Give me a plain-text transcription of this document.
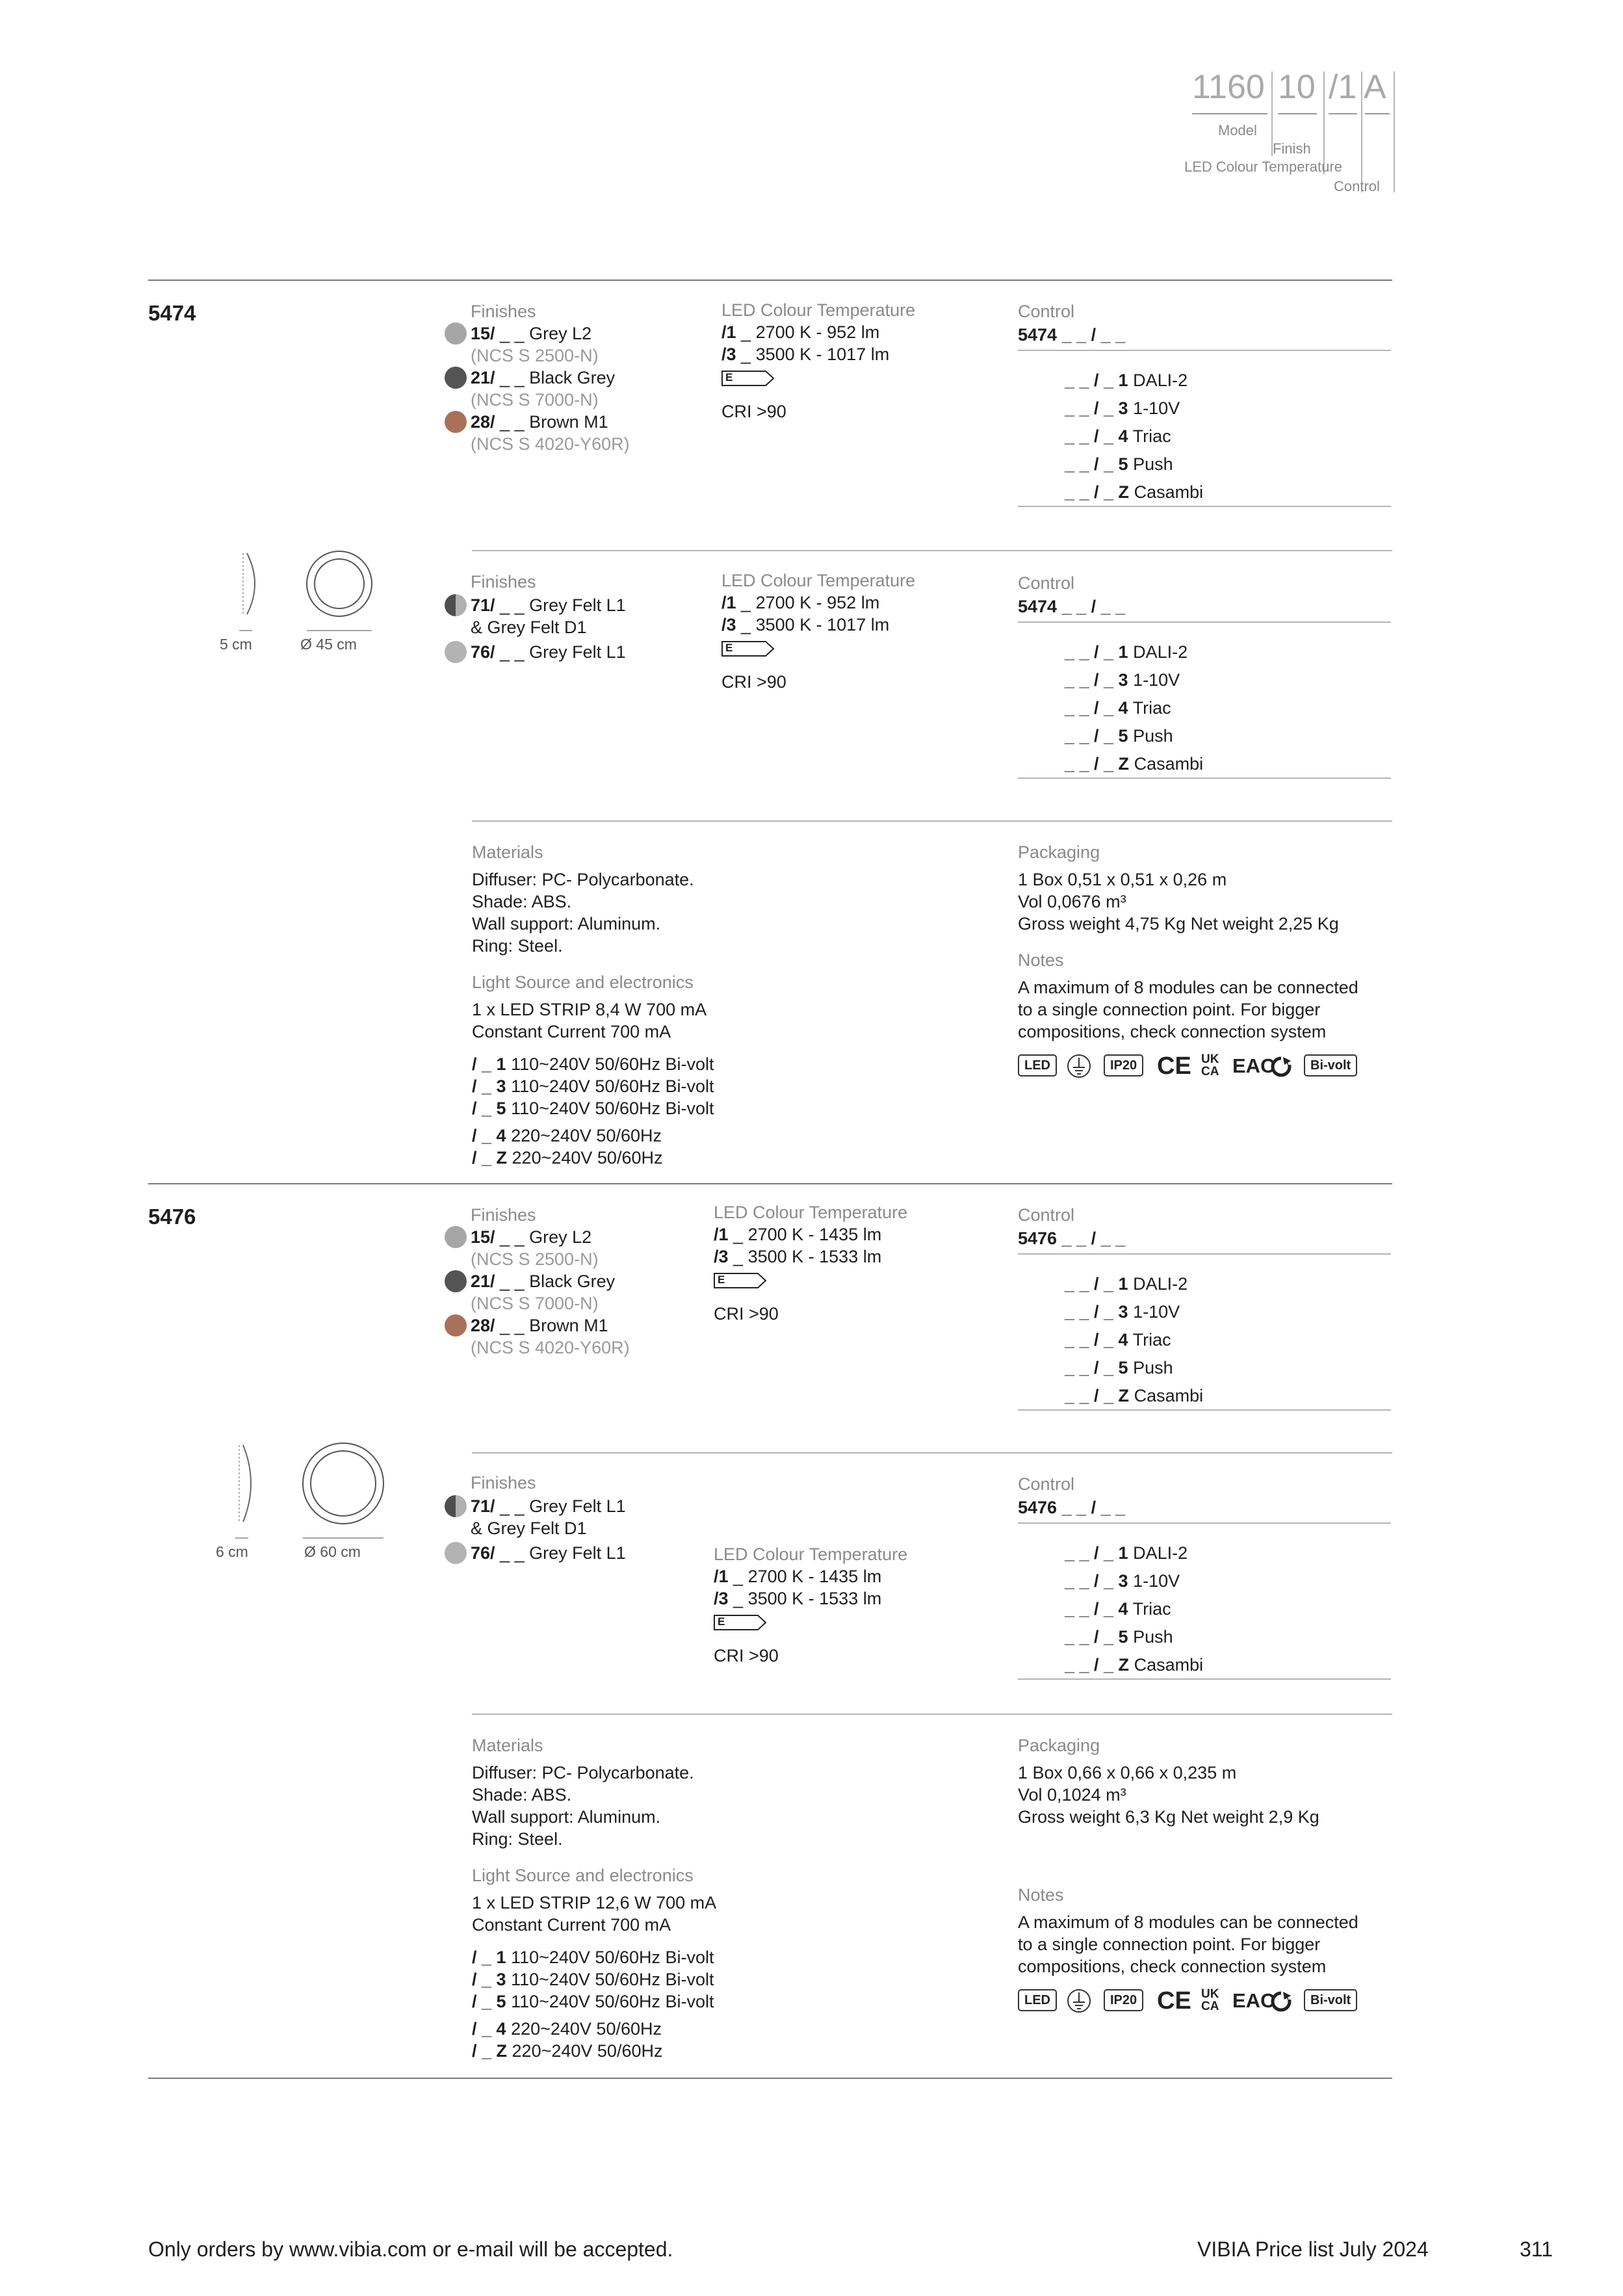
1160 10 /1 A
Model
Finish
LED Colour Temperature
Control
5474	Finishes
15/ _ _ Grey L2
(NCS S 2500-N)
21/ _ _ Black Grey
(NCS S 7000-N)
28/ _ _ Brown M1
(NCS S 4020-Y60R)
LED Colour Temperature
/1 _ 2700 K - 952 lm
/3 _ 3500 K - 1017 lm
E
CRI >90
Control
5474 _ _ / _ _
_ _ / _ 1 DALI-2
_ _ / _ 3 1-10V
_ _ / _ 4 Triac
_ _ / _ 5 Push
_ _ / _ Z Casambi
5 cm	Ø 45 cm
Finishes
71/ _ _ Grey Felt L1
& Grey Felt D1
76/ _ _ Grey Felt L1
LED Colour Temperature
/1 _ 2700 K - 952 lm
/3 _ 3500 K - 1017 lm
E
CRI >90
Control
5474 _ _ / _ _
_ _ / _ 1 DALI-2
_ _ / _ 3 1-10V
_ _ / _ 4 Triac
_ _ / _ 5 Push
_ _ / _ Z Casambi
Materials
Diffuser: PC- Polycarbonate.
Shade: ABS.
Wall support: Aluminum.
Ring: Steel.
Light Source and electronics
1 x LED STRIP 8,4 W 700 mA
Constant Current 700 mA
/ _ 1 110~240V 50/60Hz Bi-volt
/ _ 3 110~240V 50/60Hz Bi-volt
/ _ 5 110~240V 50/60Hz Bi-volt
/ _ 4 220~240V 50/60Hz
/ _ Z 220~240V 50/60Hz
Packaging
1 Box 0,51 x 0,51 x 0,26 m
Vol 0,0676 m³
Gross weight 4,75 Kg Net weight 2,25 Kg
Notes
A maximum of 8 modules can be connected
to a single connection point. For bigger
compositions, check connection system
LED	IP20 CE UK CA EAC	Bi-volt
5476	Finishes
15/ _ _ Grey L2
(NCS S 2500-N)
21/ _ _ Black Grey
(NCS S 7000-N)
28/ _ _ Brown M1
(NCS S 4020-Y60R)
LED Colour Temperature
/1 _ 2700 K - 1435 lm
/3 _ 3500 K - 1533 lm
E
CRI >90
Control
5476 _ _ / _ _
_ _ / _ 1 DALI-2
_ _ / _ 3 1-10V
_ _ / _ 4 Triac
_ _ / _ 5 Push
_ _ / _ Z Casambi
6 cm	Ø 60 cm
Finishes
71/ _ _ Grey Felt L1
& Grey Felt D1
76/ _ _ Grey Felt L1	LED Colour Temperature
/1 _ 2700 K - 1435 lm
/3 _ 3500 K - 1533 lm
E
CRI >90
Control
5476 _ _ / _ _
_ _ / _ 1 DALI-2
_ _ / _ 3 1-10V
_ _ / _ 4 Triac
_ _ / _ 5 Push
_ _ / _ Z Casambi
Materials
Diffuser: PC- Polycarbonate.
Shade: ABS.
Wall support: Aluminum.
Ring: Steel.
Light Source and electronics
1 x LED STRIP 12,6 W 700 mA
Constant Current 700 mA
/ _ 1 110~240V 50/60Hz Bi-volt
/ _ 3 110~240V 50/60Hz Bi-volt
/ _ 5 110~240V 50/60Hz Bi-volt
/ _ 4 220~240V 50/60Hz
/ _ Z 220~240V 50/60Hz
Packaging
1 Box 0,66 x 0,66 x 0,235 m
Vol 0,1024 m³
Gross weight 6,3 Kg Net weight 2,9 Kg
Notes
A maximum of 8 modules can be connected
to a single connection point. For bigger
compositions, check connection system
LED	IP20 CE UK CA EAC	Bi-volt
Only orders by www.vibia.com or e-mail will be accepted.	VIBIA Price list July 2024	311
